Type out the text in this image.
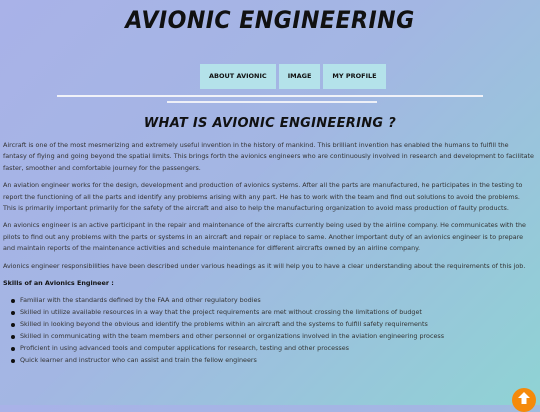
AVIONIC ENGINEERING
ABOUT AVIONIC	IMAGE	MY PROFILE
WHAT IS AVIONIC ENGINEERING ?

Aircraft is one of the most mesmerizing and extremely useful invention in the history of mankind. This brilliant invention has enabled the humans to fulfill the fantasy of flying and going beyond the spatial limits. This brings forth the avionics engineers who are continuously involved in research and development to facilitate faster, smoother and comfortable journey for the passengers.

An aviation engineer works for the design, development and production of avionics systems. After all the parts are manufactured, he participates in the testing to report the functioning of all the parts and identify any problems arising with any part. He has to work with the team and find out solutions to avoid the problems. This is primarily important primarily for the safety of the aircraft and also to help the manufacturing organization to avoid mass production of faulty products.

An avionics engineer is an active participant in the repair and maintenance of the aircrafts currently being used by the airline company. He communicates with the pilots to find out any problems with the parts or systems in an aircraft and repair or replace to same. Another important duty of an avionics engineer is to prepare and maintain reports of the maintenance activities and schedule maintenance for different aircrafts owned by an airline company.

Avionics engineer responsibilities have been described under various headings as it will help you to have a clear understanding about the requirements of this job.

Skills of an Avionics Engineer :
Familiar with the standards defined by the FAA and other regulatory bodies
Skilled in utilize available resources in a way that the project requirements are met without crossing the limitations of budget
Skilled in looking beyond the obvious and identify the problems within an aircraft and the systems to fulfill safety requirements
Skilled in communicating with the team members and other personnel or organizations involved in the aviation engineering process
Proficient in using advanced tools and computer applications for research, testing and other processes
Quick learner and instructor who can assist and train the fellow engineers
